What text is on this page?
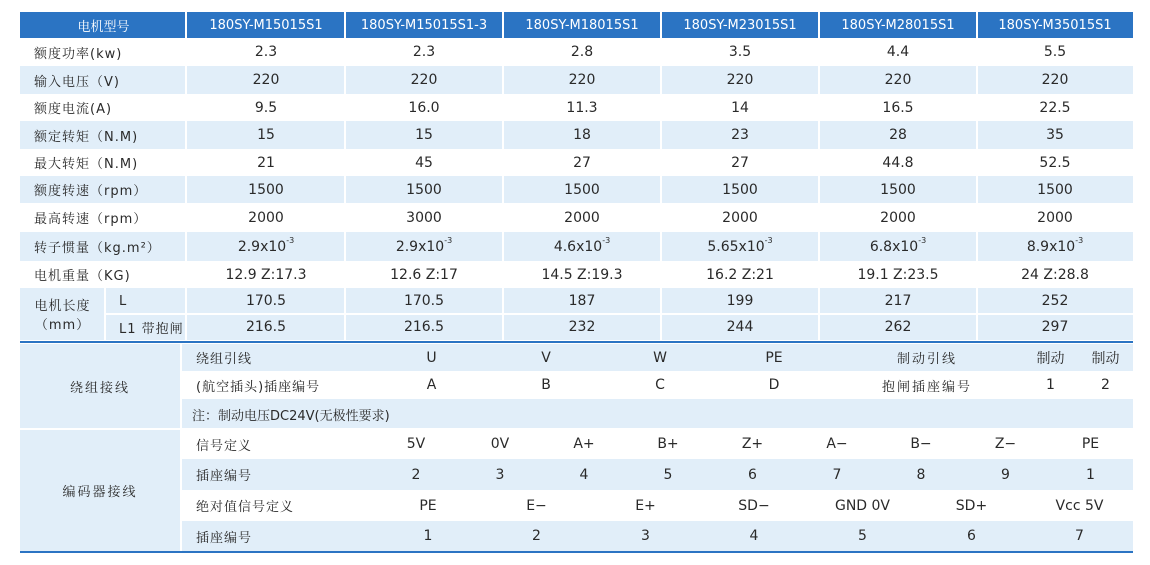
电机型号	180SY-M15015S1	180SY-M15015S1-3	180SY-M18015S1	180SY-M23015S1	180SY-M28015S1	180SY-M35015S1
额度功率(kw)	2.3	2.3	2.8	3.5	4.4	5.5
输入电压（V)	220	220	220	220	220	220
额度电流(A)	9.5	16.0	11.3	14	16.5	22.5
额定转矩（N.M)	15	15	18	23	28	35
最大转矩（N.M)	21	45	27	27	44.8	52.5
额度转速（rpm）	1500	1500	1500	1500	1500	1500
最高转速（rpm）	2000	3000	2000	2000	2000	2000
转子惯量（kg.m²）	2.9x10 -3	2.9x10 -3	4.6x10 -3	5.65x10 -3	6.8x10 -3	8.9x10 -3
电机重量（KG)	12.9 Z:17.3	12.6 Z:17	14.5 Z:19.3	16.2 Z:21	19.1 Z:23.5	24 Z:28.8
电机长度
（mm）
L	170.5	170.5	187	199	217	252
L1 带抱闸	216.5	216.5	232	244	262	297
绕组接线
绕组引线	U	V	W	PE	制动引线	制动	制动
(航空插头)插座编号	A	B	C	D	抱闸插座编号	1	2
注：制动电压DC24V(无极性要求)
编码器接线
信号定义	5V	0V	A+	B+	Z+	A−	B−	Z−	PE
插座编号	2	3	4	5	6	7	8	9	1
绝对值信号定义	PE	E−	E+	SD−	GND 0V	SD+	Vcc 5V
插座编号	1	2	3	4	5	6	7
